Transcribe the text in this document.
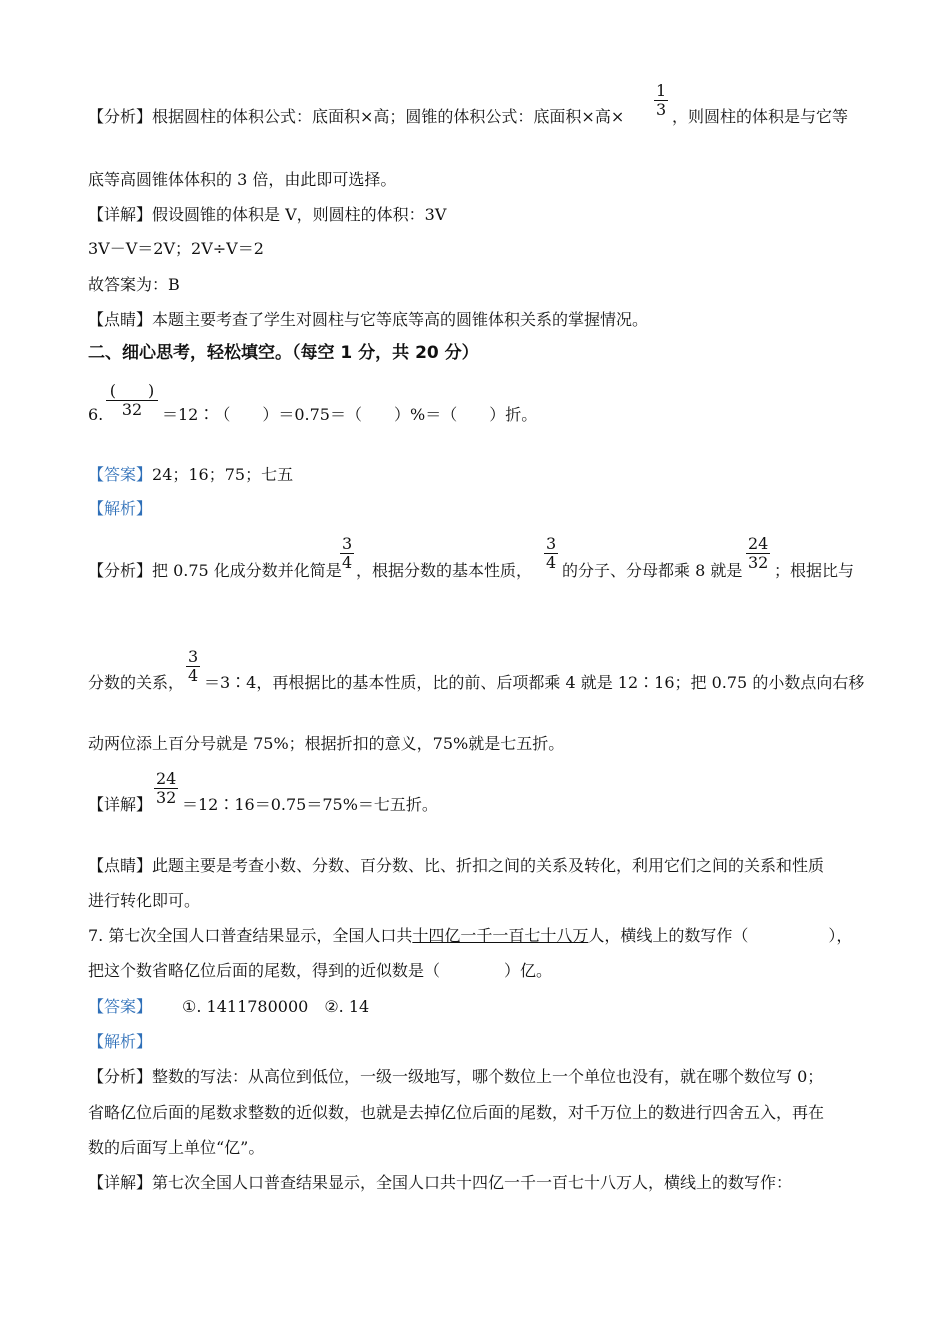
【分析】根据圆柱的体积公式：底面积×高；圆锥的体积公式：底面积×高×
1
3 ，则圆柱的体积是与它等
底等高圆锥体体积的 3 倍，由此即可选择。
【详解】假设圆锥的体积是 V，则圆柱的体积：3V
3V－V＝2V；2V÷V＝2
故答案为：B
【点睛】本题主要考查了学生对圆柱与它等底等高的圆锥体积关系的掌握情况。
二、细心思考，轻松填空。（每空 1 分，共 20 分）
6.
(　　)
32	＝12∶（　　）＝0.75＝（　　）%＝（　　）折。
【答案】24；16；75；七五
【解析】
【分析】把 0.75 化成分数并化简是
3
4 ，根据分数的基本性质，
3
4 的分子、分母都乘 8 就是
24
32 ；根据比与
分数的关系，
3
4 ＝3∶4，再根据比的基本性质，比的前、后项都乘 4 就是 12∶16；把 0.75 的小数点向右移
动两位添上百分号就是 75%；根据折扣的意义，75%就是七五折。
【详解】
24
32 ＝12∶16＝0.75＝75%＝七五折。
【点睛】此题主要是考查小数、分数、百分数、比、折扣之间的关系及转化，利用它们之间的关系和性质
进行转化即可。
7. 第七次全国人口普查结果显示，全国人口共十四亿一千一百七十八万人，横线上的数写作（　　　　　），
把这个数省略亿位后面的尾数，得到的近似数是（　　　　）亿。
【答案】 ①. 1411780000　②. 14
【解析】
【分析】整数的写法：从高位到低位，一级一级地写，哪个数位上一个单位也没有，就在哪个数位写 0；
省略亿位后面的尾数求整数的近似数，也就是去掉亿位后面的尾数，对千万位上的数进行四舍五入，再在
数的后面写上单位“亿”。
【详解】第七次全国人口普查结果显示，全国人口共十四亿一千一百七十八万人，横线上的数写作：
